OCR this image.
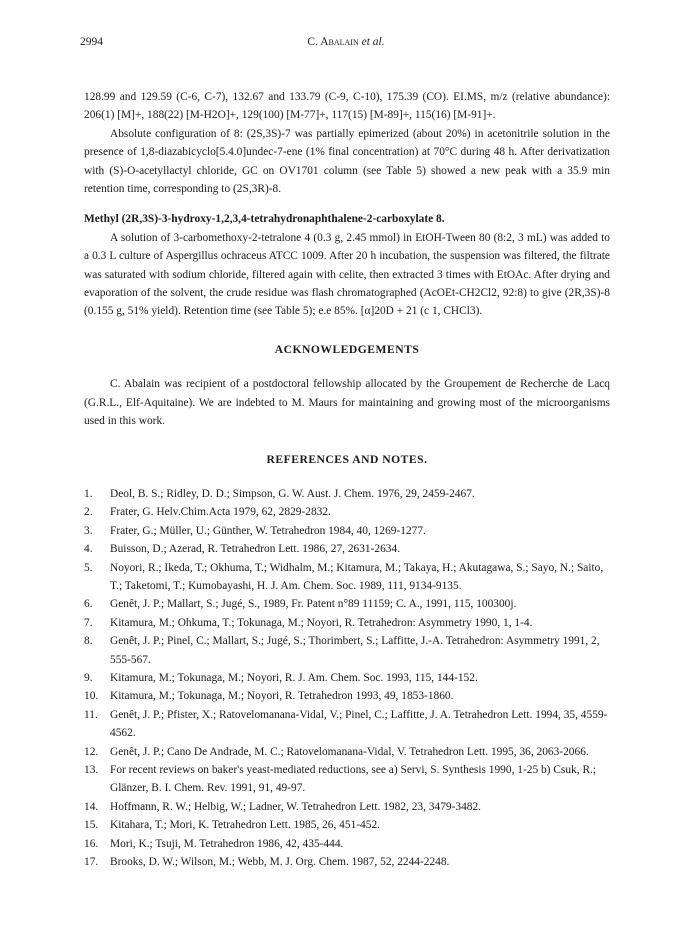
2994	C. Abalain et al.

128.99 and 129.59 (C-6, C-7), 132.67 and 133.79 (C-9, C-10), 175.39 (CO). EI.MS, m/z (relative abundance): 206(1) [M]+, 188(22) [M-H2O]+, 129(100) [M-77]+, 117(15) [M-89]+, 115(16) [M-91]+.

Absolute configuration of 8: (2S,3S)-7 was partially epimerized (about 20%) in acetonitrile solution in the presence of 1,8-diazabicyclo[5.4.0]undec-7-ene (1% final concentration) at 70°C during 48 h. After derivatization with (S)-O-acetyllactyl chloride, GC on OV1701 column (see Table 5) showed a new peak with a 35.9 min retention time, corresponding to (2S,3R)-8.

Methyl (2R,3S)-3-hydroxy-1,2,3,4-tetrahydronaphthalene-2-carboxylate 8.

A solution of 3-carbomethoxy-2-tetralone 4 (0.3 g, 2.45 mmol) in EtOH-Tween 80 (8:2, 3 mL) was added to a 0.3 L culture of Aspergillus ochraceus ATCC 1009. After 20 h incubation, the suspension was filtered, the filtrate was saturated with sodium chloride, filtered again with celite, then extracted 3 times with EtOAc. After drying and evaporation of the solvent, the crude residue was flash chromatographed (AcOEt-CH2Cl2, 92:8) to give (2R,3S)-8 (0.155 g, 51% yield). Retention time (see Table 5); e.e 85%. [α]20D + 21 (c 1, CHCl3).

ACKNOWLEDGEMENTS

C. Abalain was recipient of a postdoctoral fellowship allocated by the Groupement de Recherche de Lacq (G.R.L., Elf-Aquitaine). We are indebted to M. Maurs for maintaining and growing most of the microorganisms used in this work.

REFERENCES AND NOTES.
1.	Deol, B. S.; Ridley, D. D.; Simpson, G. W. Aust. J. Chem. 1976, 29, 2459-2467.
2.	Frater, G. Helv.Chim.Acta 1979, 62, 2829-2832.
3.	Frater, G.; Müller, U.; Günther, W. Tetrahedron 1984, 40, 1269-1277.
4.	Buisson, D.; Azerad, R. Tetrahedron Lett. 1986, 27, 2631-2634.
5.	Noyori, R.; Ikeda, T.; Okhuma, T.; Widhalm, M.; Kitamura, M.; Takaya, H.; Akutagawa, S.; Sayo, N.; Saito, T.; Taketomi, T.; Kumobayashi, H. J. Am. Chem. Soc. 1989, 111, 9134-9135.
6.	Genêt, J. P.; Mallart, S.; Jugé, S., 1989, Fr. Patent n°89 11159; C. A., 1991, 115, 100300j.
7.	Kitamura, M.; Ohkuma, T.; Tokunaga, M.; Noyori, R. Tetrahedron: Asymmetry 1990, 1, 1-4.
8.	Genêt, J. P.; Pinel, C.; Mallart, S.; Jugé, S.; Thorimbert, S.; Laffitte, J.-A. Tetrahedron: Asymmetry 1991, 2, 555-567.
9.	Kitamura, M.; Tokunaga, M.; Noyori, R. J. Am. Chem. Soc. 1993, 115, 144-152.
10.	Kitamura, M.; Tokunaga, M.; Noyori, R. Tetrahedron 1993, 49, 1853-1860.
11.	Genêt, J. P.; Pfister, X.; Ratovelomanana-Vidal, V.; Pinel, C.; Laffitte, J. A. Tetrahedron Lett. 1994, 35, 4559-4562.
12.	Genêt, J. P.; Cano De Andrade, M. C.; Ratovelomanana-Vidal, V. Tetrahedron Lett. 1995, 36, 2063-2066.
13.	For recent reviews on baker's yeast-mediated reductions, see a) Servi, S. Synthesis 1990, 1-25 b) Csuk, R.; Glänzer, B. I. Chem. Rev. 1991, 91, 49-97.
14.	Hoffmann, R. W.; Helbig, W.; Ladner, W. Tetrahedron Lett. 1982, 23, 3479-3482.
15.	Kitahara, T.; Mori, K. Tetrahedron Lett. 1985, 26, 451-452.
16.	Mori, K.; Tsuji, M. Tetrahedron 1986, 42, 435-444.
17.	Brooks, D. W.; Wilson, M.; Webb, M. J. Org. Chem. 1987, 52, 2244-2248.
